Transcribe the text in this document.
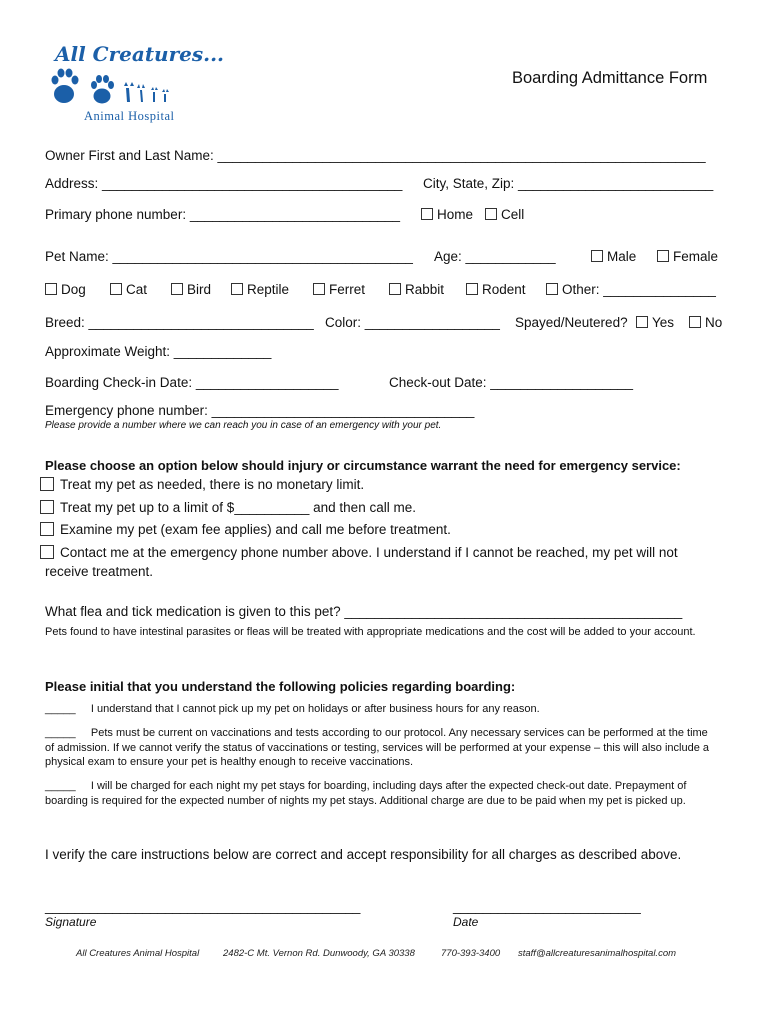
All Creatures...
Animal Hospital
Boarding Admittance Form
Owner First and Last Name: _________________________________________________________________
Address: ________________________________________ City, State, Zip: __________________________
Primary phone number: ____________________________	Home	Cell
Pet Name: ________________________________________ Age: ____________	Male	Female
Dog	Cat	Bird	Reptile	Ferret	Rabbit	Rodent	Other: _______________
Breed: ______________________________ Color: __________________ Spayed/Neutered?	Yes	No
Approximate Weight: _____________
Boarding Check-in Date: ___________________	Check-out Date: ___________________
Emergency phone number: ___________________________________
Please provide a number where we can reach you in case of an emergency with your pet.
Please choose an option below should injury or circumstance warrant the need for emergency service:
Treat my pet as needed, there is no monetary limit.
Treat my pet up to a limit of $__________ and then call me.
Examine my pet (exam fee applies) and call me before treatment.
Contact me at the emergency phone number above. I understand if I cannot be reached, my pet will not
receive treatment.
What flea and tick medication is given to this pet? _____________________________________________
Pets found to have intestinal parasites or fleas will be treated with appropriate medications and the cost will be added to your account.
Please initial that you understand the following policies regarding boarding:
_____ I understand that I cannot pick up my pet on holidays or after business hours for any reason.
_____ Pets must be current on vaccinations and tests according to our protocol. Any necessary services can be performed at the time of admission. If we cannot verify the status of vaccinations or testing, services will be performed at your expense – this will also include a physical exam to ensure your pet is healthy enough to receive vaccinations.
_____ I will be charged for each night my pet stays for boarding, including days after the expected check-out date. Prepayment of boarding is required for the expected number of nights my pet stays. Additional charge are due to be paid when my pet is picked up.
I verify the care instructions below are correct and accept responsibility for all charges as described above.
__________________________________________
Signature
_________________________
Date
All Creatures Animal Hospital	2482-C Mt. Vernon Rd. Dunwoody, GA 30338	770-393-3400 staff@allcreaturesanimalhospital.com
